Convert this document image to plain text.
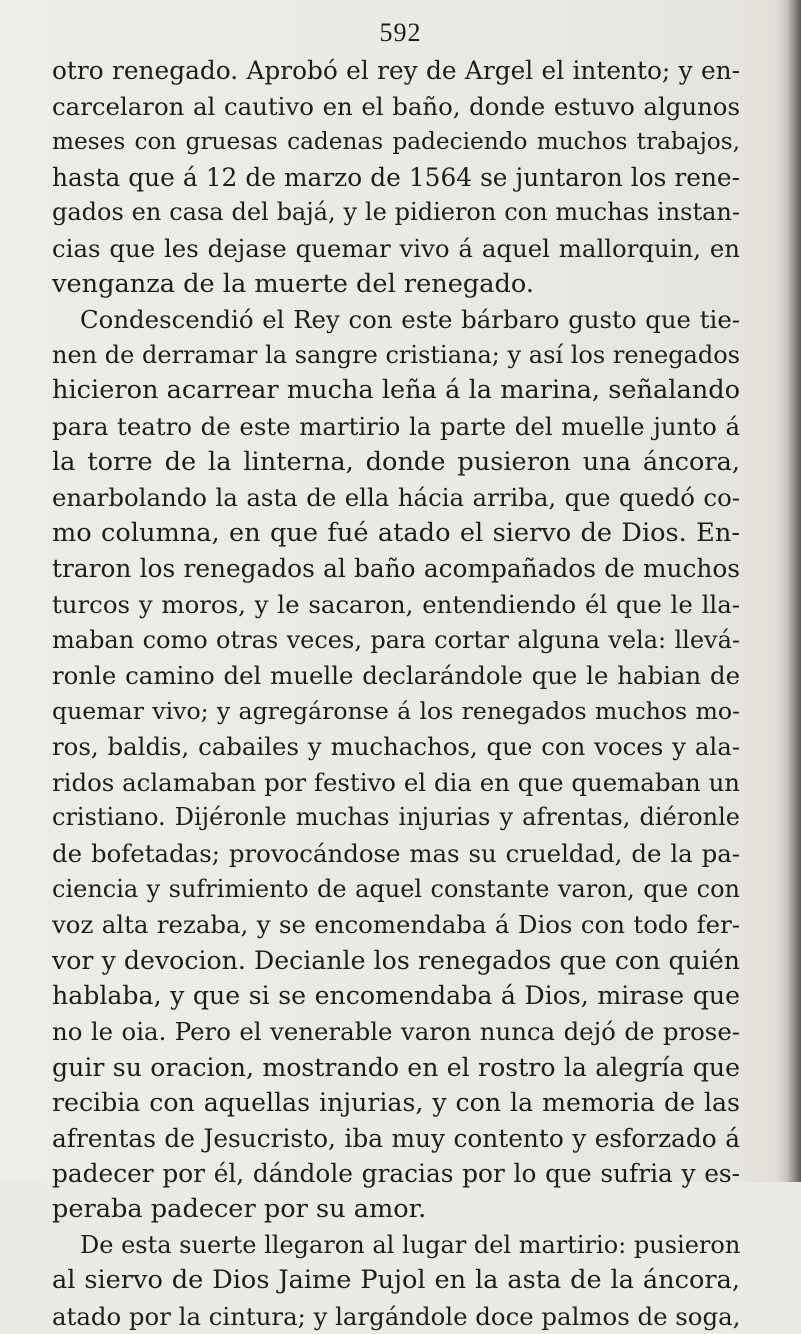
592
otro renegado. Aprobó el rey de Argel el intento; y en-
carcelaron al cautivo en el baño, donde estuvo algunos
meses con gruesas cadenas padeciendo muchos trabajos,
hasta que á 12 de marzo de 1564 se juntaron los rene-
gados en casa del bajá, y le pidieron con muchas instan-
cias que les dejase quemar vivo á aquel mallorquin, en
venganza de la muerte del renegado.
Condescendió el Rey con este bárbaro gusto que tie-
nen de derramar la sangre cristiana; y así los renegados
hicieron acarrear mucha leña á la marina, señalando
para teatro de este martirio la parte del muelle junto á
la torre de la linterna, donde pusieron una áncora,
enarbolando la asta de ella hácia arriba, que quedó co-
mo columna, en que fué atado el siervo de Dios. En-
traron los renegados al baño acompañados de muchos
turcos y moros, y le sacaron, entendiendo él que le lla-
maban como otras veces, para cortar alguna vela: llevá-
ronle camino del muelle declarándole que le habian de
quemar vivo; y agregáronse á los renegados muchos mo-
ros, baldis, cabailes y muchachos, que con voces y ala-
ridos aclamaban por festivo el dia en que quemaban un
cristiano. Dijéronle muchas injurias y afrentas, diéronle
de bofetadas; provocándose mas su crueldad, de la pa-
ciencia y sufrimiento de aquel constante varon, que con
voz alta rezaba, y se encomendaba á Dios con todo fer-
vor y devocion. Decianle los renegados que con quién
hablaba, y que si se encomendaba á Dios, mirase que
no le oia. Pero el venerable varon nunca dejó de prose-
guir su oracion, mostrando en el rostro la alegría que
recibia con aquellas injurias, y con la memoria de las
afrentas de Jesucristo, iba muy contento y esforzado á
padecer por él, dándole gracias por lo que sufria y es-
peraba padecer por su amor.
De esta suerte llegaron al lugar del martirio: pusieron
al siervo de Dios Jaime Pujol en la asta de la áncora,
atado por la cintura; y largándole doce palmos de soga,
